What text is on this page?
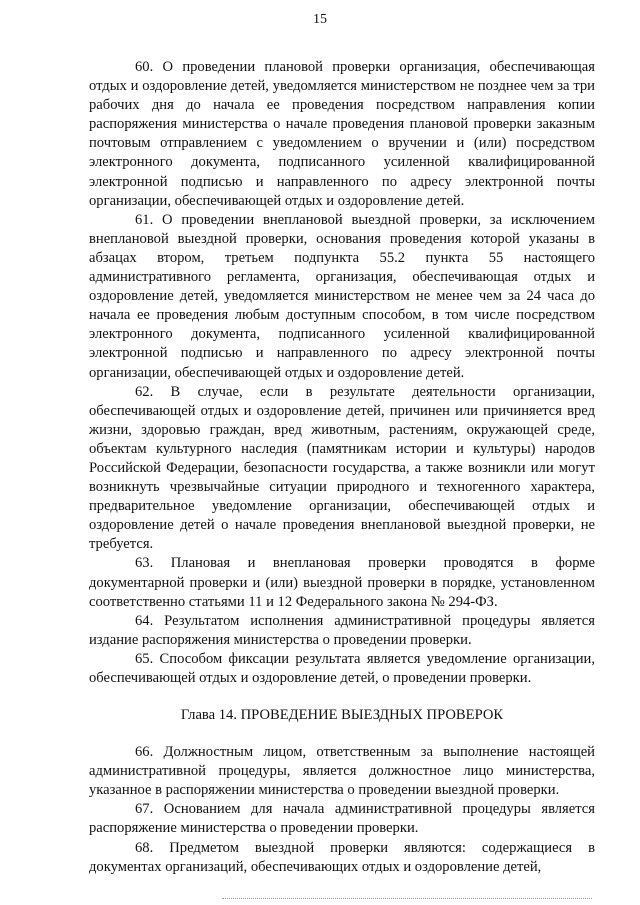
15

60. О проведении плановой проверки организация, обеспечивающая отдых и оздоровление детей, уведомляется министерством не позднее чем за три рабочих дня до начала ее проведения посредством направления копии распоряжения министерства о начале проведения плановой проверки заказным почтовым отправлением с уведомлением о вручении и (или) посредством электронного документа, подписанного усиленной квалифицированной электронной подписью и направленного по адресу электронной почты организации, обеспечивающей отдых и оздоровление детей.

61. О проведении внеплановой выездной проверки, за исключением внеплановой выездной проверки, основания проведения которой указаны в абзацах втором, третьем подпункта 55.2 пункта 55 настоящего административного регламента, организация, обеспечивающая отдых и оздоровление детей, уведомляется министерством не менее чем за 24 часа до начала ее проведения любым доступным способом, в том числе посредством электронного документа, подписанного усиленной квалифицированной электронной подписью и направленного по адресу электронной почты организации, обеспечивающей отдых и оздоровление детей.

62. В случае, если в результате деятельности организации, обеспечивающей отдых и оздоровление детей, причинен или причиняется вред жизни, здоровью граждан, вред животным, растениям, окружающей среде, объектам культурного наследия (памятникам истории и культуры) народов Российской Федерации, безопасности государства, а также возникли или могут возникнуть чрезвычайные ситуации природного и техногенного характера, предварительное уведомление организации, обеспечивающей отдых и оздоровление детей о начале проведения внеплановой выездной проверки, не требуется.

63. Плановая и внеплановая проверки проводятся в форме документарной проверки и (или) выездной проверки в порядке, установленном соответственно статьями 11 и 12 Федерального закона № 294-ФЗ.

64. Результатом исполнения административной процедуры является издание распоряжения министерства о проведении проверки.

65. Способом фиксации результата является уведомление организации, обеспечивающей отдых и оздоровление детей, о проведении проверки.

Глава 14. ПРОВЕДЕНИЕ ВЫЕЗДНЫХ ПРОВЕРОК

66. Должностным лицом, ответственным за выполнение настоящей административной процедуры, является должностное лицо министерства, указанное в распоряжении министерства о проведении выездной проверки.

67. Основанием для начала административной процедуры является распоряжение министерства о проведении проверки.

68. Предметом выездной проверки являются: содержащиеся в документах организаций, обеспечивающих отдых и оздоровление детей,
